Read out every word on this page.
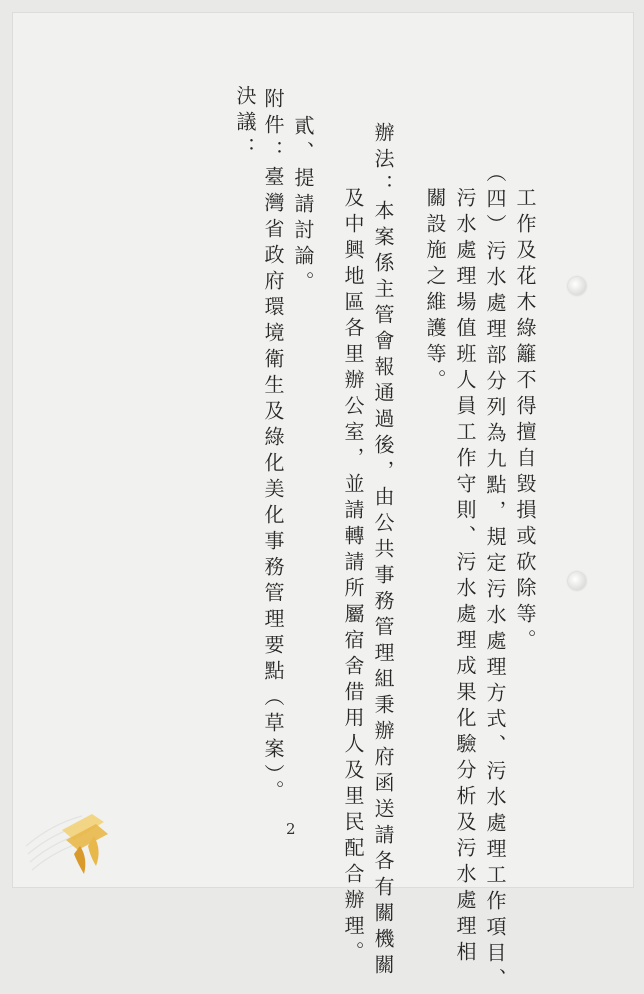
工作及花木綠籬不得擅自毀損或砍除等。
（四）污水處理部分列為九點，規定污水處理方式、污水處理工作項目、
污水處理場值班人員工作守則、污水處理成果化驗分析及污水處理相
關設施之維護等。
辦法：本案係主管會報通過後，由公共事務管理組秉辦府函送請各有關機關
及中興地區各里辦公室，並請轉請所屬宿舍借用人及里民配合辦理。
貳、提請討論。
附件：臺灣省政府環境衛生及綠化美化事務管理要點（草案）。
決議：
2
